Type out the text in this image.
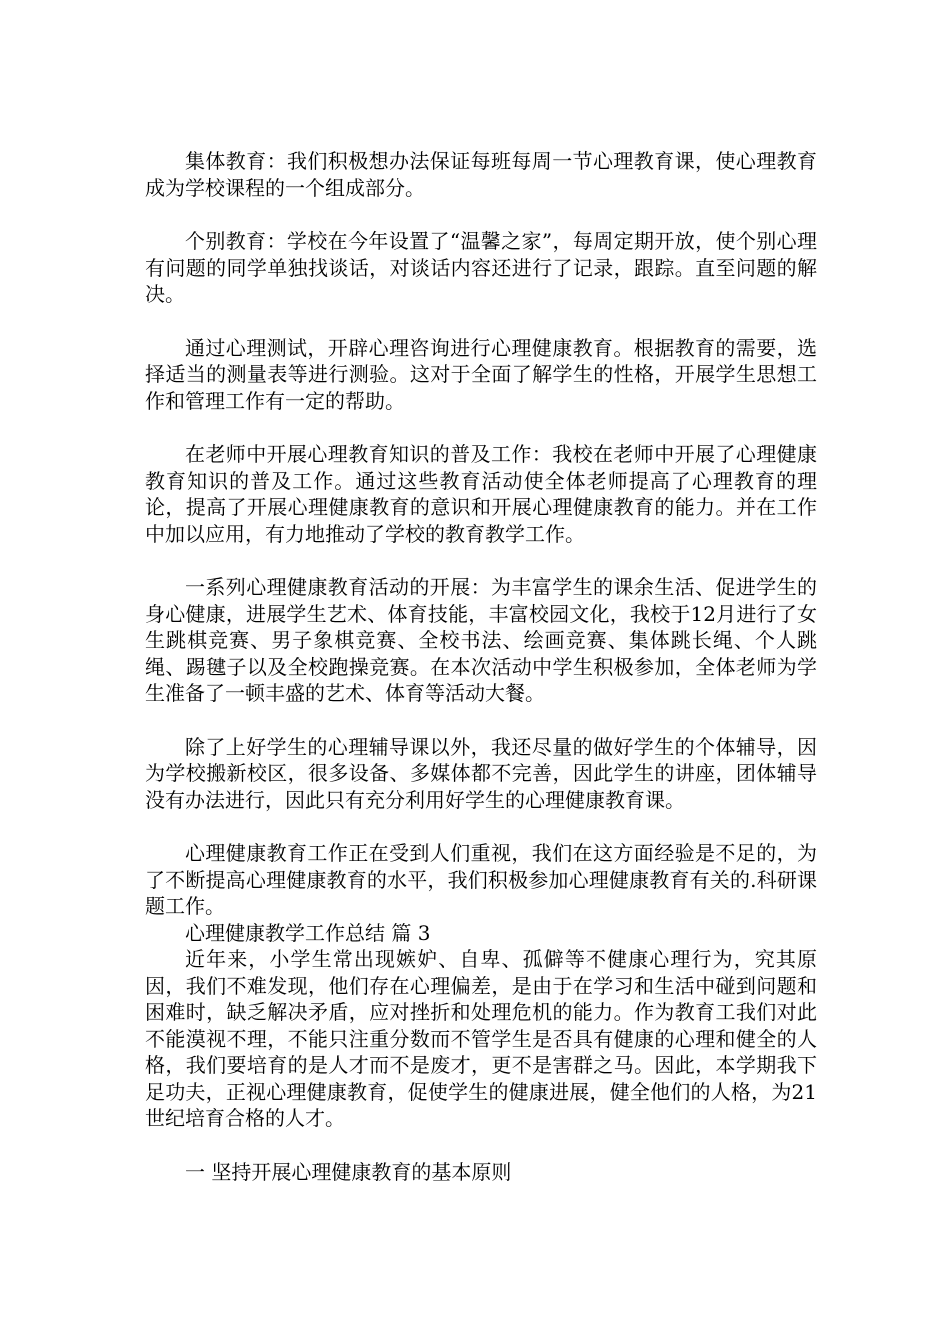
集体教育：我们积极想办法保证每班每周一节心理教育课，使心理教育成为学校课程的一个组成部分。

个别教育：学校在今年设置了“温馨之家”，每周定期开放，使个别心理有问题的同学单独找谈话，对谈话内容还进行了记录，跟踪。直至问题的解决。

通过心理测试，开辟心理咨询进行心理健康教育。根据教育的需要，选择适当的测量表等进行测验。这对于全面了解学生的性格，开展学生思想工作和管理工作有一定的帮助。

在老师中开展心理教育知识的普及工作：我校在老师中开展了心理健康教育知识的普及工作。通过这些教育活动使全体老师提高了心理教育的理论，提高了开展心理健康教育的意识和开展心理健康教育的能力。并在工作中加以应用，有力地推动了学校的教育教学工作。

一系列心理健康教育活动的开展：为丰富学生的课余生活、促进学生的身心健康，进展学生艺术、体育技能，丰富校园文化，我校于12月进行了女生跳棋竞赛、男子象棋竞赛、全校书法、绘画竞赛、集体跳长绳、个人跳绳、踢毽子以及全校跑操竞赛。在本次活动中学生积极参加，全体老师为学生准备了一顿丰盛的艺术、体育等活动大餐。

除了上好学生的心理辅导课以外，我还尽量的做好学生的个体辅导，因为学校搬新校区，很多设备、多媒体都不完善，因此学生的讲座，团体辅导没有办法进行，因此只有充分利用好学生的心理健康教育课。

心理健康教育工作正在受到人们重视，我们在这方面经验是不足的，为了不断提高心理健康教育的水平，我们积极参加心理健康教育有关的.科研课题工作。

心理健康教学工作总结 篇 3

近年来，小学生常出现嫉妒、自卑、孤僻等不健康心理行为，究其原因，我们不难发现，他们存在心理偏差，是由于在学习和生活中碰到问题和困难时，缺乏解决矛盾，应对挫折和处理危机的能力。作为教育工我们对此不能漠视不理，不能只注重分数而不管学生是否具有健康的心理和健全的人格，我们要培育的是人才而不是废才，更不是害群之马。因此，本学期我下足功夫，正视心理健康教育，促使学生的健康进展，健全他们的人格，为21世纪培育合格的人才。

一 坚持开展心理健康教育的基本原则
